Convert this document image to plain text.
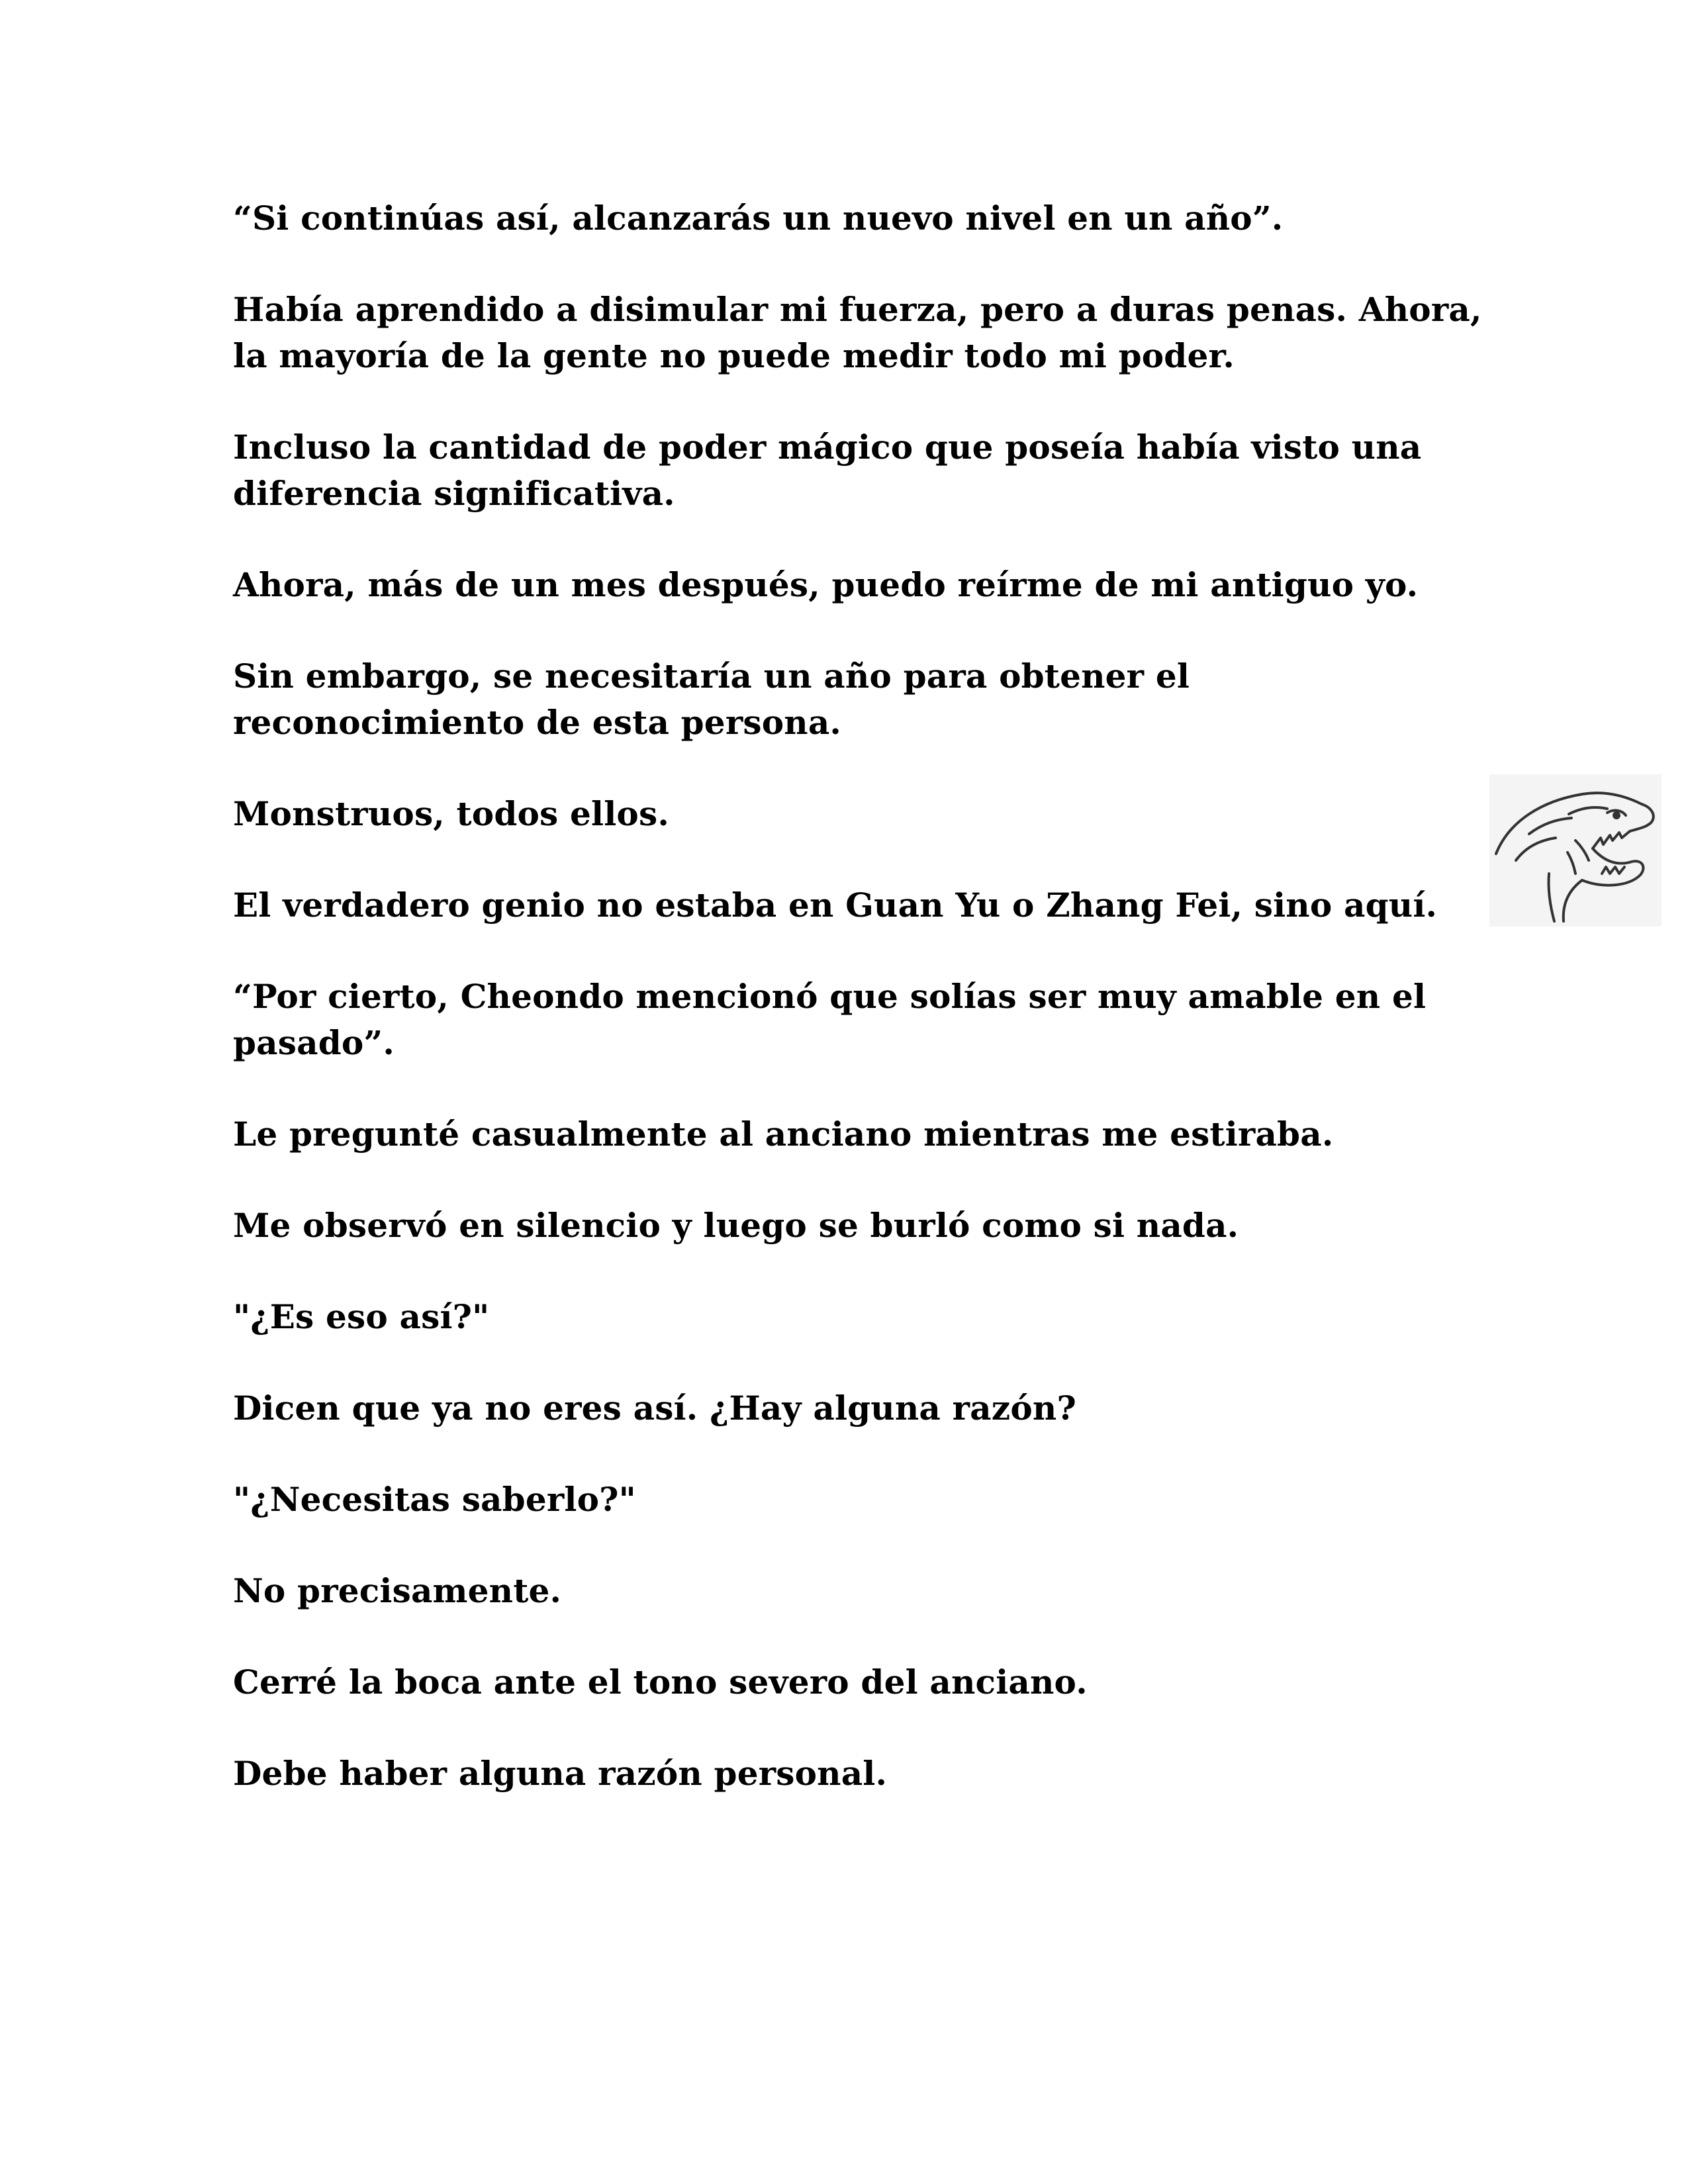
“Si continúas así, alcanzarás un nuevo nivel en un año”.

Había aprendido a disimular mi fuerza, pero a duras penas. Ahora, la mayoría de la gente no puede medir todo mi poder.

Incluso la cantidad de poder mágico que poseía había visto una diferencia significativa.

Ahora, más de un mes después, puedo reírme de mi antiguo yo.

Sin embargo, se necesitaría un año para obtener el reconocimiento de esta persona.

Monstruos, todos ellos.

El verdadero genio no estaba en Guan Yu o Zhang Fei, sino aquí.

“Por cierto, Cheondo mencionó que solías ser muy amable en el pasado”.

Le pregunté casualmente al anciano mientras me estiraba.

Me observó en silencio y luego se burló como si nada.

"¿Es eso así?"

Dicen que ya no eres así. ¿Hay alguna razón?

"¿Necesitas saberlo?"

No precisamente.

Cerré la boca ante el tono severo del anciano.

Debe haber alguna razón personal.
